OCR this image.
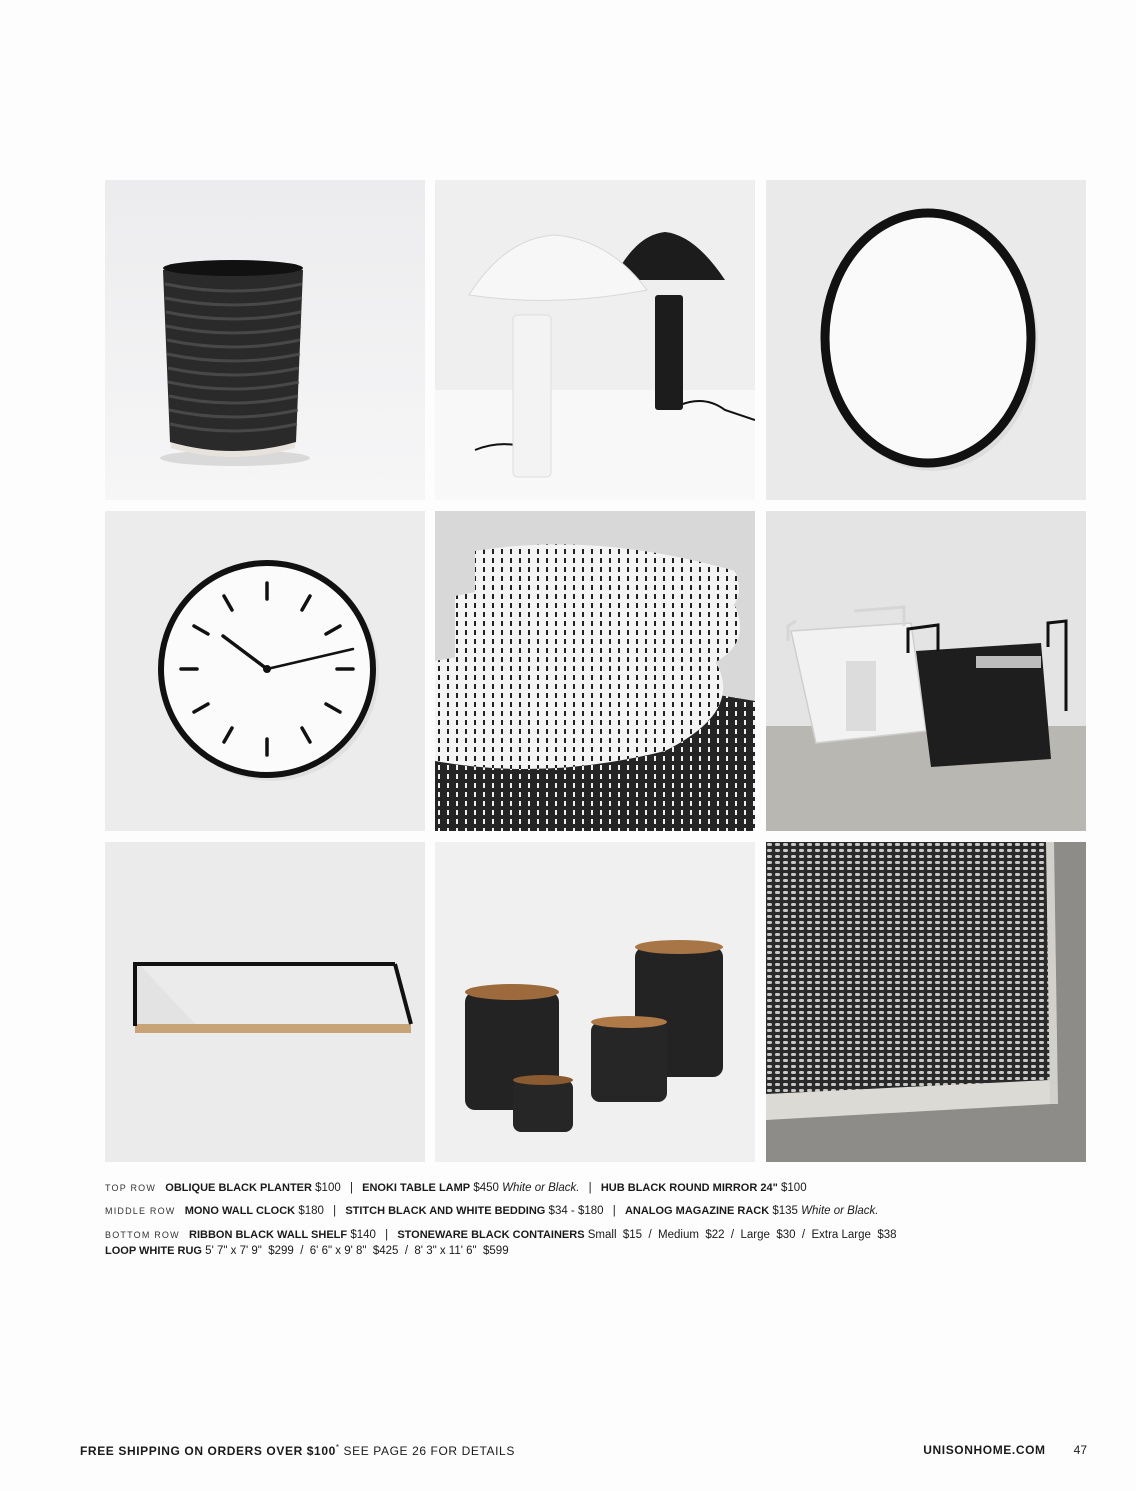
TOP ROW OBLIQUE BLACK PLANTER $100 | ENOKI TABLE LAMP $450 White or Black. | HUB BLACK ROUND MIRROR 24" $100
MIDDLE ROW MONO WALL CLOCK $180 | STITCH BLACK AND WHITE BEDDING $34 - $180 | ANALOG MAGAZINE RACK $135 White or Black.
BOTTOM ROW RIBBON BLACK WALL SHELF $140 | STONEWARE BLACK CONTAINERS Small  $15  /  Medium  $22  /  Large  $30  /  Extra Large  $38
LOOP WHITE RUG 5' 7" x 7' 9"  $299  /  6' 6" x 9' 8"  $425  /  8' 3" x 11' 6"  $599
FREE SHIPPING ON ORDERS OVER $100* SEE PAGE 26 FOR DETAILS	UNISONHOME.COM 47
